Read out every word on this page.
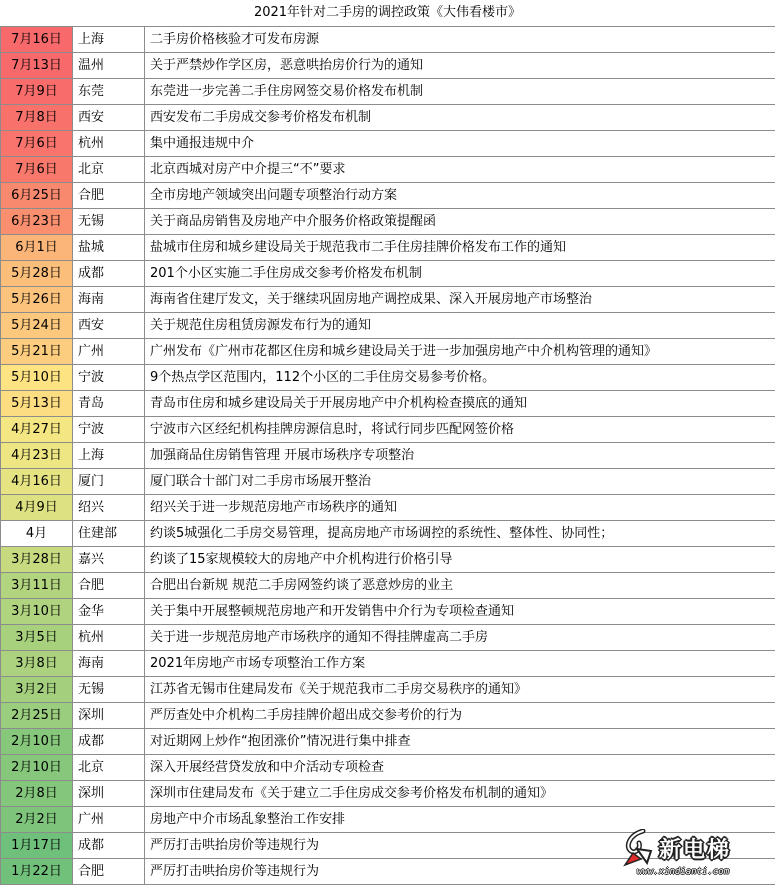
2021年针对二手房的调控政策《大伟看楼市》
7月16日	上海	二手房价格核验才可发布房源
7月13日	温州	关于严禁炒作学区房，恶意哄抬房价行为的通知
7月9日	东莞	东莞进一步完善二手住房网签交易价格发布机制
7月8日	西安	西安发布二手房成交参考价格发布机制
7月6日	杭州	集中通报违规中介
7月6日	北京	北京西城对房产中介提三“不”要求
6月25日	合肥	全市房地产领域突出问题专项整治行动方案
6月23日	无锡	关于商品房销售及房地产中介服务价格政策提醒函
6月1日	盐城	盐城市住房和城乡建设局关于规范我市二手住房挂牌价格发布工作的通知
5月28日	成都	201个小区实施二手住房成交参考价格发布机制
5月26日	海南	海南省住建厅发文，关于继续巩固房地产调控成果、深入开展房地产市场整治
5月24日	西安	关于规范住房租赁房源发布行为的通知
5月21日	广州	广州发布《广州市花都区住房和城乡建设局关于进一步加强房地产中介机构管理的通知》
5月10日	宁波	9个热点学区范围内，112个小区的二手住房交易参考价格。
5月13日	青岛	青岛市住房和城乡建设局关于开展房地产中介机构检查摸底的通知
4月27日	宁波	宁波市六区经纪机构挂牌房源信息时，将试行同步匹配网签价格
4月23日	上海	加强商品住房销售管理 开展市场秩序专项整治
4月16日	厦门	厦门联合十部门对二手房市场展开整治
4月9日	绍兴	绍兴关于进一步规范房地产市场秩序的通知
4月	住建部	约谈5城强化二手房交易管理，提高房地产市场调控的系统性、整体性、协同性；
3月28日	嘉兴	约谈了15家规模较大的房地产中介机构进行价格引导
3月11日	合肥	合肥出台新规 规范二手房网签约谈了恶意炒房的业主
3月10日	金华	关于集中开展整顿规范房地产和开发销售中介行为专项检查通知
3月5日	杭州	关于进一步规范房地产市场秩序的通知不得挂牌虚高二手房
3月8日	海南	2021年房地产市场专项整治工作方案
3月2日	无锡	江苏省无锡市住建局发布《关于规范我市二手房交易秩序的通知》
2月25日	深圳	严厉查处中介机构二手房挂牌价超出成交参考价的行为
2月10日	成都	对近期网上炒作“抱团涨价”情况进行集中排查
2月10日	北京	深入开展经营贷发放和中介活动专项检查
2月8日	深圳	深圳市住建局发布《关于建立二手住房成交参考价格发布机制的通知》
2月2日	广州	房地产中介市场乱象整治工作安排
1月17日	成都	严厉打击哄抬房价等违规行为
1月22日	合肥	严厉打击哄抬房价等违规行为
新电梯
www.xindianti.com
